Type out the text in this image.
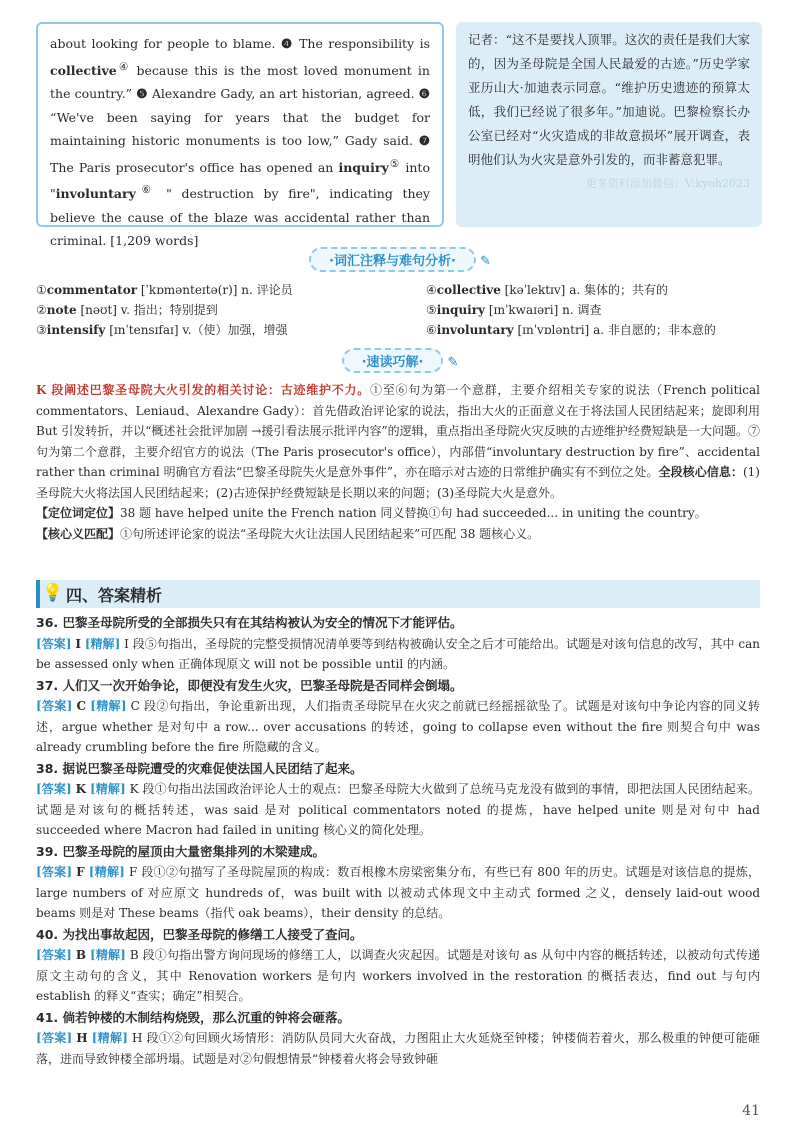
about looking for people to blame. ❹ The responsibility is collective④ because this is the most loved monument in the country.” ❺ Alexandre Gady, an art historian, agreed. ❻ “We've been saying for years that the budget for maintaining historic monuments is too low,” Gady said. ❼ The Paris prosecutor's office has opened an inquiry⑤ into "involuntary⑥ " destruction by fire", indicating they believe the cause of the blaze was accidental rather than criminal. [1,209 words]
记者：“这不是要找人顶罪。这次的责任是我们大家的，因为圣母院是全国人民最爱的古迹。”历史学家亚历山大·加迪表示同意。“维护历史遗迹的预算太低，我们已经说了很多年。”加迪说。巴黎检察长办公室已经对“火灾造成的非故意损坏”展开调查，表明他们认为火灾是意外引发的，而非蓄意犯罪。
更多资料添加微信：V:kyoh2023
·词汇注释与难句分析· ✎
①commentator [ˈkɒmənteɪtə(r)] n. 评论员	④collective [kəˈlektɪv] a. 集体的；共有的
②note [nəʊt] v. 指出；特别提到	⑤inquiry [ɪnˈkwaɪəri] n. 调查
③intensify [ɪnˈtensɪfaɪ] v.（使）加强，增强	⑥involuntary [ɪnˈvɒləntri] a. 非自愿的；非本意的
·速读巧解· ✎
K 段阐述巴黎圣母院大火引发的相关讨论：古迹维护不力。①至⑥句为第一个意群，主要介绍相关专家的说法（French political commentators、Leniaud、Alexandre Gady）：首先借政治评论家的说法，指出大火的正面意义在于将法国人民团结起来；旋即利用 But 引发转折，并以“概述社会批评加剧 →援引看法展示批评内容”的逻辑，重点指出圣母院火灾反映的古迹维护经费短缺是一大问题。⑦句为第二个意群，主要介绍官方的说法（The Paris prosecutor's office），内部借“involuntary destruction by fire”、accidental rather than criminal 明确官方看法“巴黎圣母院失火是意外事件”，亦在暗示对古迹的日常维护确实有不到位之处。全段核心信息：(1)圣母院大火将法国人民团结起来；(2)古迹保护经费短缺是长期以来的问题；(3)圣母院大火是意外。
【定位词定位】38 题 have helped unite the French nation 同义替换①句 had succeeded... in uniting the country。
【核心义匹配】①句所述评论家的说法“圣母院大火让法国人民团结起来”可匹配 38 题核心义。
💡 四、答案精析
36. 巴黎圣母院所受的全部损失只有在其结构被认为安全的情况下才能评估。
[答案] I [精解] I 段⑤句指出，圣母院的完整受损情况清单要等到结构被确认安全之后才可能给出。试题是对该句信息的改写，其中 can be assessed only when 正确体现原文 will not be possible until 的内涵。
37. 人们又一次开始争论，即便没有发生火灾，巴黎圣母院是否同样会倒塌。
[答案] C [精解] C 段②句指出，争论重新出现，人们指责圣母院早在火灾之前就已经摇摇欲坠了。试题是对该句中争论内容的同义转述，argue whether 是对句中 a row... over accusations 的转述，going to collapse even without the fire 则契合句中 was already crumbling before the fire 所隐藏的含义。
38. 据说巴黎圣母院遭受的灾难促使法国人民团结了起来。
[答案] K [精解] K 段①句指出法国政治评论人士的观点：巴黎圣母院大火做到了总统马克龙没有做到的事情，即把法国人民团结起来。试题是对该句的概括转述，was said 是对 political commentators noted 的提炼，have helped unite 则是对句中 had succeeded where Macron had failed in uniting 核心义的简化处理。
39. 巴黎圣母院的屋顶由大量密集排列的木梁建成。
[答案] F [精解] F 段①②句描写了圣母院屋顶的构成：数百根橡木房梁密集分布，有些已有 800 年的历史。试题是对该信息的提炼，large numbers of 对应原文 hundreds of，was built with 以被动式体现文中主动式 formed 之义，densely laid-out wood beams 则是对 These beams（指代 oak beams），their density 的总结。
40. 为找出事故起因，巴黎圣母院的修缮工人接受了查问。
[答案] B [精解] B 段①句指出警方询问现场的修缮工人，以调查火灾起因。试题是对该句 as 从句中内容的概括转述，以被动句式传递原文主动句的含义，其中 Renovation workers 是句内 workers involved in the restoration 的概括表达，find out 与句内 establish 的释义“查实；确定”相契合。
41. 倘若钟楼的木制结构烧毁，那么沉重的钟将会砸落。
[答案] H [精解] H 段①②句回顾火场情形：消防队员同大火奋战，力图阻止大火延烧至钟楼；钟楼倘若着火，那么极重的钟便可能砸落，进而导致钟楼全部坍塌。试题是对②句假想情景“钟楼着火将会导致钟砸
41
